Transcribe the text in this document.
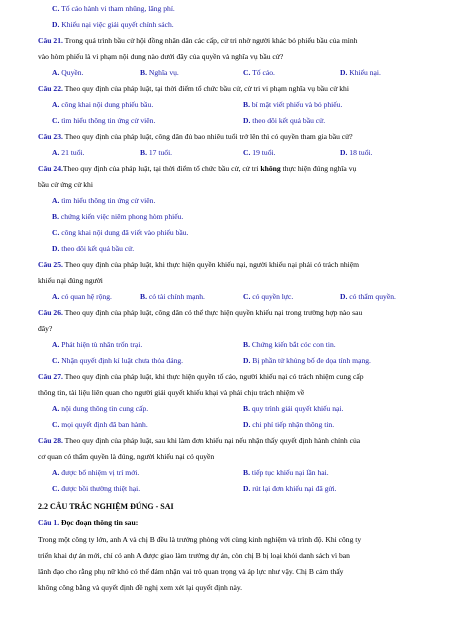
C. Tố cáo hành vi tham nhũng, lãng phí.
D. Khiếu nại việc giải quyết chính sách.
Câu 21. Trong quá trình bầu cử hội đồng nhân dân các cấp, cử tri nhờ người khác bỏ phiếu bầu của mình
vào hòm phiếu là vi phạm nội dung nào dưới đây của quyền và nghĩa vụ bầu cử?
A. Quyền.	B. Nghĩa vụ.	C. Tố cáo.	D. Khiếu nại.
Câu 22. Theo quy định của pháp luật, tại thời điểm tổ chức bầu cử, cử tri vi phạm nghĩa vụ bầu cử khi
A. công khai nội dung phiếu bầu.	B. bí mật viết phiếu và bỏ phiếu.
C. tìm hiểu thông tin ứng cử viên.	D. theo dõi kết quả bầu cử.
Câu 23. Theo quy định của pháp luật, công dân đủ bao nhiêu tuổi trở lên thì có quyền tham gia bầu cử?
A. 21 tuổi.	B. 17 tuổi.	C. 19 tuổi.	D. 18 tuổi.
Câu 24.Theo quy định của pháp luật, tại thời điểm tổ chức bầu cử, cử tri không thực hiện đúng nghĩa vụ
bầu cử ứng cử khi
A. tìm hiểu thông tin ứng cử viên.
B. chứng kiến việc niêm phong hòm phiếu.
C. công khai nội dung đã viết vào phiếu bầu.
D. theo dõi kết quả bầu cử.
Câu 25. Theo quy định của pháp luật, khi thực hiện quyền khiếu nại, người khiếu nại phải có trách nhiệm
khiếu nại đúng người
A. có quan hệ rộng.	B. có tài chính mạnh.	C. có quyền lực.	D. có thẩm quyền.
Câu 26. Theo quy định của pháp luật, công dân có thể thực hiện quyền khiếu nại trong trường hợp nào sau
đây?
A. Phát hiện tù nhân trốn trại.	B. Chứng kiến bắt cóc con tin.
C. Nhận quyết định kỉ luật chưa thỏa đáng.	D. Bị phần tử khủng bố đe dọa tính mạng.
Câu 27. Theo quy định của pháp luật, khi thực hiện quyền tố cáo, người khiếu nại có trách nhiệm cung cấp
thông tin, tài liệu liên quan cho người giải quyết khiếu khại và phải chịu trách nhiệm về
A. nội dung thông tin cung cấp.	B. quy trình giải quyết khiếu nại.
C. mọi quyết định đã ban hành.	D. chi phí tiếp nhận thông tin.
Câu 28. Theo quy định của pháp luật, sau khi làm đơn khiếu nại nếu nhận thấy quyết định hành chính của
cơ quan có thẩm quyền là đúng, người khiếu nại có quyền
A. được bổ nhiệm vị trí mới.	B. tiếp tục khiếu nại lần hai.
C. được bồi thường thiệt hại.	D. rút lại đơn khiếu nại đã gửi.
2.2 CÂU TRẮC NGHIỆM ĐÚNG - SAI
Câu 1. Đọc đoạn thông tin sau:
Trong một công ty lớn, anh A và chị B đều là trưởng phòng với cùng kinh nghiệm và trình độ. Khi công ty
triển khai dự án mới, chỉ có anh A được giao làm trưởng dự án, còn chị B bị loại khỏi danh sách vì ban
lãnh đạo cho rằng phụ nữ khó có thể đảm nhận vai trò quan trọng và áp lực như vậy. Chị B cảm thấy
không công bằng và quyết định đề nghị xem xét lại quyết định này.
